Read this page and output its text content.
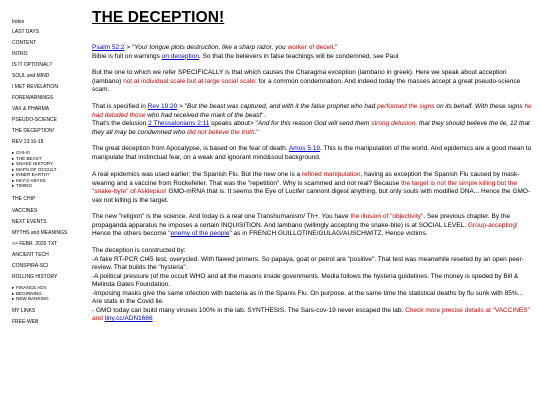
Index
LAST DAYS
CONTENT
INTRO
IS IT OPTIONAL?
SOUL and MIND
I MET REVELATION
FOREWARNINGS
VAX & PHARMA
PSEUDO-SCIENCE
THE DECEPTION!
REV 13:16-18
▸ CHI-XI
▸ THE BEAST
▸ SNAKE HISTORY
▸ MAPS OF OCCULT
▸ INNER EARTH?
▸ KEY-2-ABYSS
▸ TIMING
THE CHIP
VACCINES
NEXT EVENTS
MYTHS and MEANINGS
>> FEBR. 2020 TXT
ANCIENT TECH
CONSPIRA-SCI
ROLLING HISTORY
▸ FINANCE ADV.
▸ BEGINNING
▸ NEW BANKING
MY LINKS
FREE-WEB
THE DECEPTION!
Psalm 52:2 > "Your tongue plots destruction, like a sharp razor, you worker of deceit."
Bible is full on warnings on deception. So that the believers in false teachings will be condemned, see Paul
But the one to which we refer SPECIFICALLY is that which causes the Charagma exception (lambano in greek). Here we speak about acception (lambano) not at individual scale but at large social scale; for a common condemnation. And indeed today the masses accept a great pseudo-science scam.
That is specified in Rev 19:20 > "But the beast was captured, and with it the false prophet who had performed the signs on its behalf. With these signs he had deluded those who had received the mark of the beast".
That's the delusion 2 Thessalonians 2:11 speaks about> "And for this reason God will send them strong delusion, that they should believe the lie, 12 that they all may be condemned who did not believe the truth."
The great deception from Apocalypse, is based on the fear of death. Amos 5:19. This is the manipulation of the world. And epidemics are a good mean to manipulate that instinctual fear, on a weak and ignorant mind&soul background.
A real epidemics was used earlier; the Spanish Flu. But the new one is a refined manipulation, having as exception the Spanish Flu caused by mask-wearing and a vaccine from Rockefeller. That was the "repetition". Why is scammed and not real? Because the target is not the simple killing but the "snake-byte" of Asklepius! GMO-mRNA that is. It seems the Eye of Lucifer cannont digest anything, but only souls with modified DNA... Hence the GMO-vax not killing is the target.
The new "religion" is the science. And today is a real one Transhumanism/ Th+. You have the illusion of "objectivity". See previous chapter. By the propaganda apparatus he imposes a certain INQUISITION. And lambano (willingly accepting the snake-bite) is at SOCIAL LEVEL. Group-accepting! Hence the others become "enemy of the people" as in FRENCH GUILLOTINE/GULAG/AUSCHWITZ. Hence victims.
The deception is constructed by:
-A fake RT-PCR Ct45 test, overycled. With flawed primers. So papaya, goat or petrol are "positive". That test was meanwhile reseted by an open peer-review. That builds the "hysteria".
-A political pressure (of the occult WHO and all the masons inside govenments. Media follows the hysteria guidelines. The money is speded by Bill & Melinda Gates Foundation.
-Imposing masks give the same infection with bacteria as in the Spanis Flu. On purpose. at the same time the statistical deaths by flu sunk with 85%... Are stats in the Covid lie.
- GMO today can build many viruses 100% in the lab. SYNTHESIS. The Sars-cov-19 never escaped the lab. Check more precise details at "VACCINES" and tiny.cc/ADN1666
